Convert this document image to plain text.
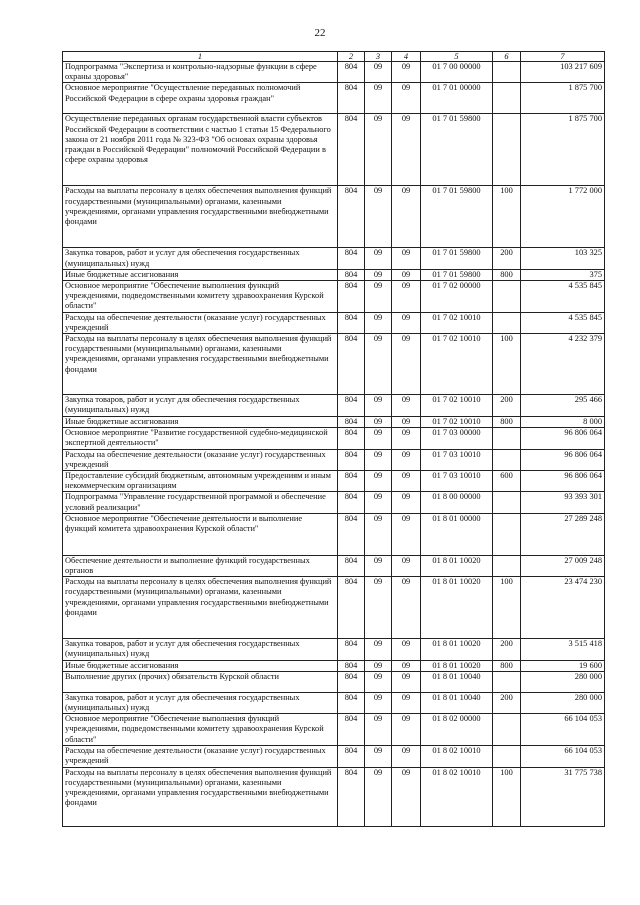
22
1	2	3	4	5	6	7
Подпрограмма "Экспертиза и контрольно-надзорные функции в сфере охраны здоровья"	804	09	09	01 7 00 00000		103 217 609
Основное мероприятие "Осуществление переданных полномочий Российской Федерации в сфере охраны здоровья граждан"	804	09	09	01 7 01 00000		1 875 700
Осуществление переданных органам государственной власти субъектов Российской Федерации в соответствии с частью 1 статьи 15 Федерального закона от 21 ноября 2011 года № 323-ФЗ "Об основах охраны здоровья граждан в Российской Федерации" полномочий Российской Федерации в сфере охраны здоровья	804	09	09	01 7 01 59800		1 875 700
Расходы на выплаты персоналу в целях обеспечения выполнения функций государственными (муниципальными) органами, казенными учреждениями, органами управления государственными внебюджетными фондами	804	09	09	01 7 01 59800	100	1 772 000
Закупка товаров, работ и услуг для обеспечения государственных (муниципальных) нужд	804	09	09	01 7 01 59800	200	103 325
Иные бюджетные ассигнования	804	09	09	01 7 01 59800	800	375
Основное мероприятие "Обеспечение выполнения функций учреждениями, подведомственными комитету здравоохранения Курской области"	804	09	09	01 7 02 00000		4 535 845
Расходы на обеспечение деятельности (оказание услуг) государственных учреждений	804	09	09	01 7 02 10010		4 535 845
Расходы на выплаты персоналу в целях обеспечения выполнения функций государственными (муниципальными) органами, казенными учреждениями, органами управления государственными внебюджетными фондами	804	09	09	01 7 02 10010	100	4 232 379
Закупка товаров, работ и услуг для обеспечения государственных (муниципальных) нужд	804	09	09	01 7 02 10010	200	295 466
Иные бюджетные ассигнования	804	09	09	01 7 02 10010	800	8 000
Основное мероприятие "Развитие государственной судебно-медицинской экспертной деятельности"	804	09	09	01 7 03 00000		96 806 064
Расходы на обеспечение деятельности (оказание услуг) государственных учреждений	804	09	09	01 7 03 10010		96 806 064
Предоставление субсидий бюджетным, автономным учреждениям и иным некоммерческим организациям	804	09	09	01 7 03 10010	600	96 806 064
Подпрограмма "Управление государственной программой и обеспечение условий реализации"	804	09	09	01 8 00 00000		93 393 301
Основное мероприятие "Обеспечение деятельности и выполнение функций комитета здравоохранения Курской области"	804	09	09	01 8 01 00000		27 289 248
Обеспечение деятельности и выполнение функций государственных органов	804	09	09	01 8 01 10020		27 009 248
Расходы на выплаты персоналу в целях обеспечения выполнения функций государственными (муниципальными) органами, казенными учреждениями, органами управления государственными внебюджетными фондами	804	09	09	01 8 01 10020	100	23 474 230
Закупка товаров, работ и услуг для обеспечения государственных (муниципальных) нужд	804	09	09	01 8 01 10020	200	3 515 418
Иные бюджетные ассигнования	804	09	09	01 8 01 10020	800	19 600
Выполнение других (прочих) обязательств Курской области	804	09	09	01 8 01 10040		280 000
Закупка товаров, работ и услуг для обеспечения государственных (муниципальных) нужд	804	09	09	01 8 01 10040	200	280 000
Основное мероприятие "Обеспечение выполнения функций учреждениями, подведомственными комитету здравоохранения Курской области"	804	09	09	01 8 02 00000		66 104 053
Расходы на обеспечение деятельности (оказание услуг) государственных учреждений	804	09	09	01 8 02 10010		66 104 053
Расходы на выплаты персоналу в целях обеспечения выполнения функций государственными (муниципальными) органами, казенными учреждениями, органами управления государственными внебюджетными фондами	804	09	09	01 8 02 10010	100	31 775 738
